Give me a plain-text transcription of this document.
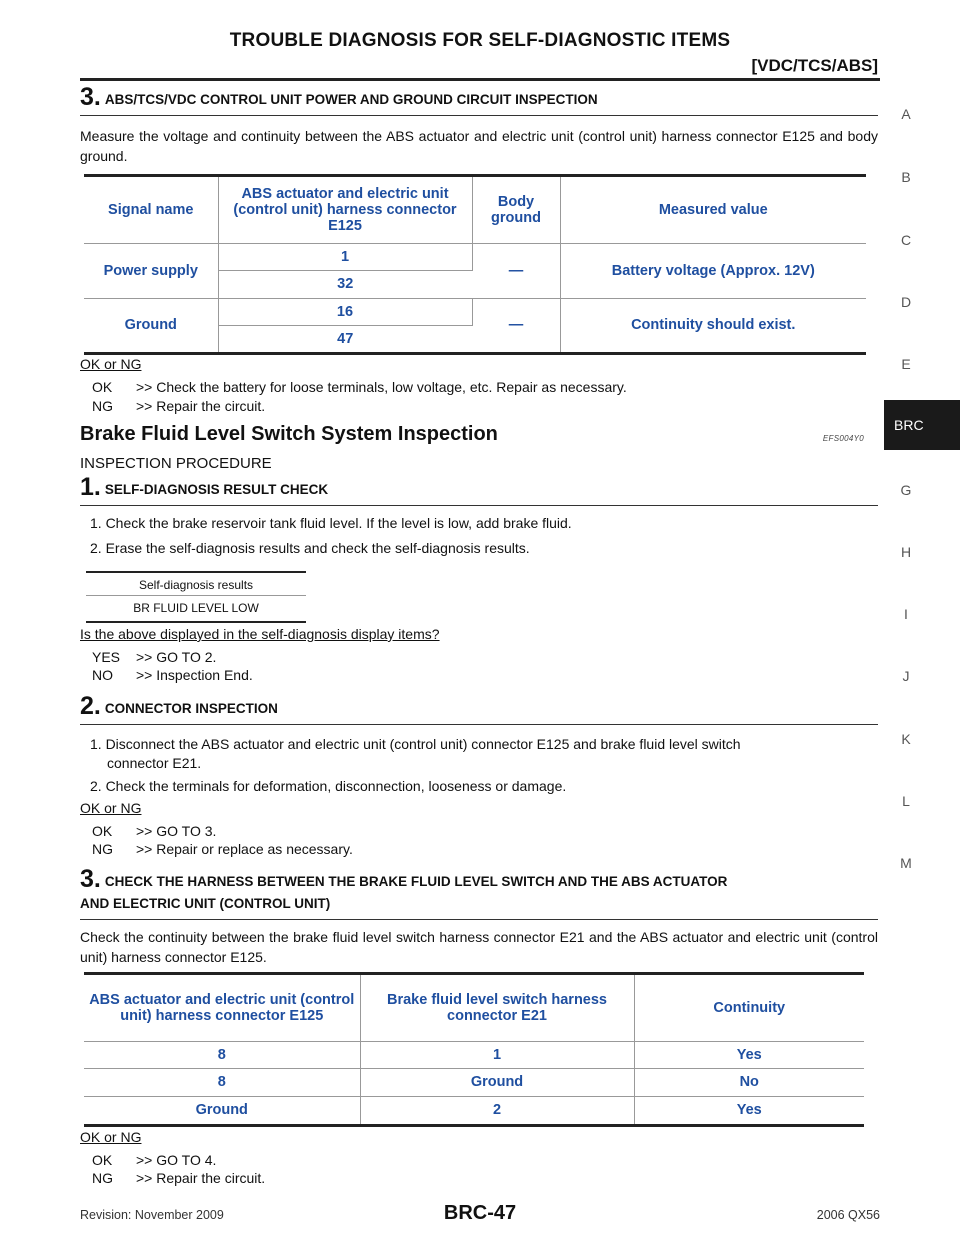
TROUBLE DIAGNOSIS FOR SELF-DIAGNOSTIC ITEMS
[VDC/TCS/ABS]
A
B
C
D
E
BRC
G
H
I
J
K
L
M
3. ABS/TCS/VDC CONTROL UNIT POWER AND GROUND CIRCUIT INSPECTION
Measure the voltage and continuity between the ABS actuator and electric unit (control unit) harness connector E125 and body ground.
Signal name	ABS actuator and electric unit (control unit) harness connector E125	Body ground	Measured value
Power supply	1	—	Battery voltage (Approx. 12V)
	32		
Ground	16	—	Continuity should exist.
	47		
OK or NG
OK >> Check the battery for loose terminals, low voltage, etc. Repair as necessary.
NG >> Repair the circuit.
Brake Fluid Level Switch System Inspection	EFS004Y0
INSPECTION PROCEDURE
1. SELF-DIAGNOSIS RESULT CHECK
1. Check the brake reservoir tank fluid level. If the level is low, add brake fluid.
2. Erase the self-diagnosis results and check the self-diagnosis results.
Self-diagnosis results
BR FLUID LEVEL LOW
Is the above displayed in the self-diagnosis display items?
YES >> GO TO 2.
NO >> Inspection End.
2. CONNECTOR INSPECTION
1. Disconnect the ABS actuator and electric unit (control unit) connector E125 and brake fluid level switch
connector E21.
2. Check the terminals for deformation, disconnection, looseness or damage.
OK or NG
OK >> GO TO 3.
NG >> Repair or replace as necessary.
3. CHECK THE HARNESS BETWEEN THE BRAKE FLUID LEVEL SWITCH AND THE ABS ACTUATOR
AND ELECTRIC UNIT (CONTROL UNIT)
Check the continuity between the brake fluid level switch harness connector E21 and the ABS actuator and electric unit (control unit) harness connector E125.
ABS actuator and electric unit (control unit) harness connector E125	Brake fluid level switch harness connector E21	Continuity
8	1	Yes
8	Ground	No
Ground	2	Yes
OK or NG
OK >> GO TO 4.
NG >> Repair the circuit.
Revision: November 2009	2006 QX56
BRC-47
